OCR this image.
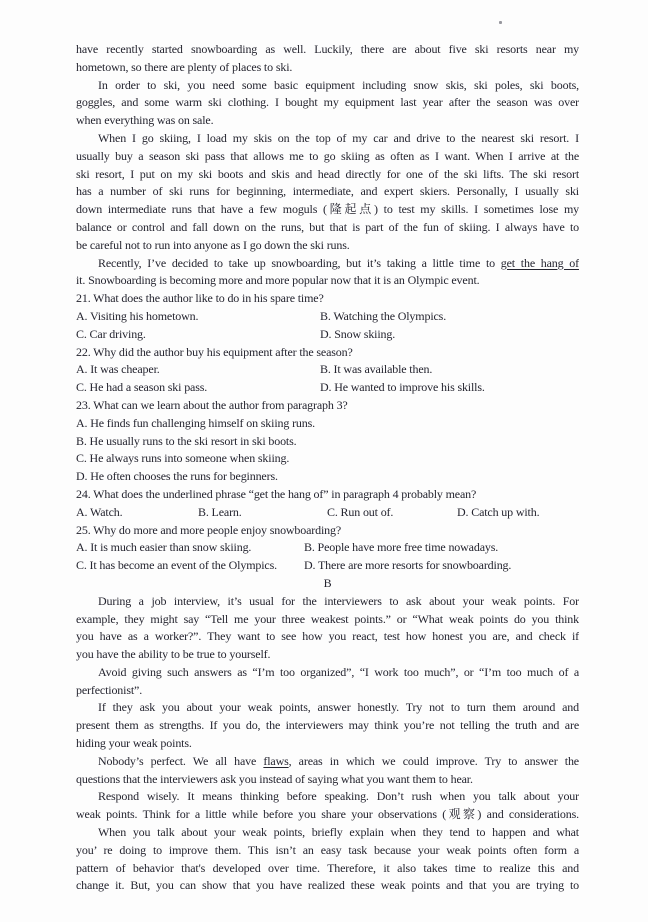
have recently started snowboarding as well. Luckily, there are about five ski resorts near my
hometown, so there are plenty of places to ski.
In order to ski, you need some basic equipment including snow skis, ski poles, ski boots,
goggles, and some warm ski clothing. I bought my equipment last year after the season was over
when everything was on sale.
When I go skiing, I load my skis on the top of my car and drive to the nearest ski resort. I
usually buy a season ski pass that allows me to go skiing as often as I want. When I arrive at the
ski resort, I put on my ski boots and skis and head directly for one of the ski lifts. The ski resort
has a number of ski runs for beginning, intermediate, and expert skiers. Personally, I usually ski
down intermediate runs that have a few moguls (隆起点) to test my skills. I sometimes lose my
balance or control and fall down on the runs, but that is part of the fun of skiing. I always have to
be careful not to run into anyone as I go down the ski runs.
Recently, I’ve decided to take up snowboarding, but it’s taking a little time to get the hang of
it. Snowboarding is becoming more and more popular now that it is an Olympic event.
21. What does the author like to do in his spare time?
A. Visiting his hometown.	B. Watching the Olympics.
C. Car driving.	D. Snow skiing.
22. Why did the author buy his equipment after the season?
A. It was cheaper.	B. It was available then.
C. He had a season ski pass.	D. He wanted to improve his skills.
23. What can we learn about the author from paragraph 3?
A. He finds fun challenging himself on skiing runs.
B. He usually runs to the ski resort in ski boots.
C. He always runs into someone when skiing.
D. He often chooses the runs for beginners.
24. What does the underlined phrase “get the hang of” in paragraph 4 probably mean?
A. Watch.	B. Learn.	C. Run out of.	D. Catch up with.
25. Why do more and more people enjoy snowboarding?
A. It is much easier than snow skiing.	B. People have more free time nowadays.
C. It has become an event of the Olympics.	D. There are more resorts for snowboarding.
B
During a job interview, it’s usual for the interviewers to ask about your weak points. For
example, they might say “Tell me your three weakest points.” or “What weak points do you think
you have as a worker?”. They want to see how you react, test how honest you are, and check if
you have the ability to be true to yourself.
Avoid giving such answers as “I’m too organized”, “I work too much”, or “I’m too much of a
perfectionist”.
If they ask you about your weak points, answer honestly. Try not to turn them around and
present them as strengths. If you do, the interviewers may think you’re not telling the truth and are
hiding your weak points.
Nobody’s perfect. We all have flaws, areas in which we could improve. Try to answer the
questions that the interviewers ask you instead of saying what you want them to hear.
Respond wisely. It means thinking before speaking. Don’t rush when you talk about your
weak points. Think for a little while before you share your observations (观察) and considerations.
When you talk about your weak points, briefly explain when they tend to happen and what
you’ re doing to improve them. This isn’t an easy task because your weak points often form a
pattern of behavior that's developed over time. Therefore, it also takes time to realize this and
change it. But, you can show that you have realized these weak points and that you are trying to
